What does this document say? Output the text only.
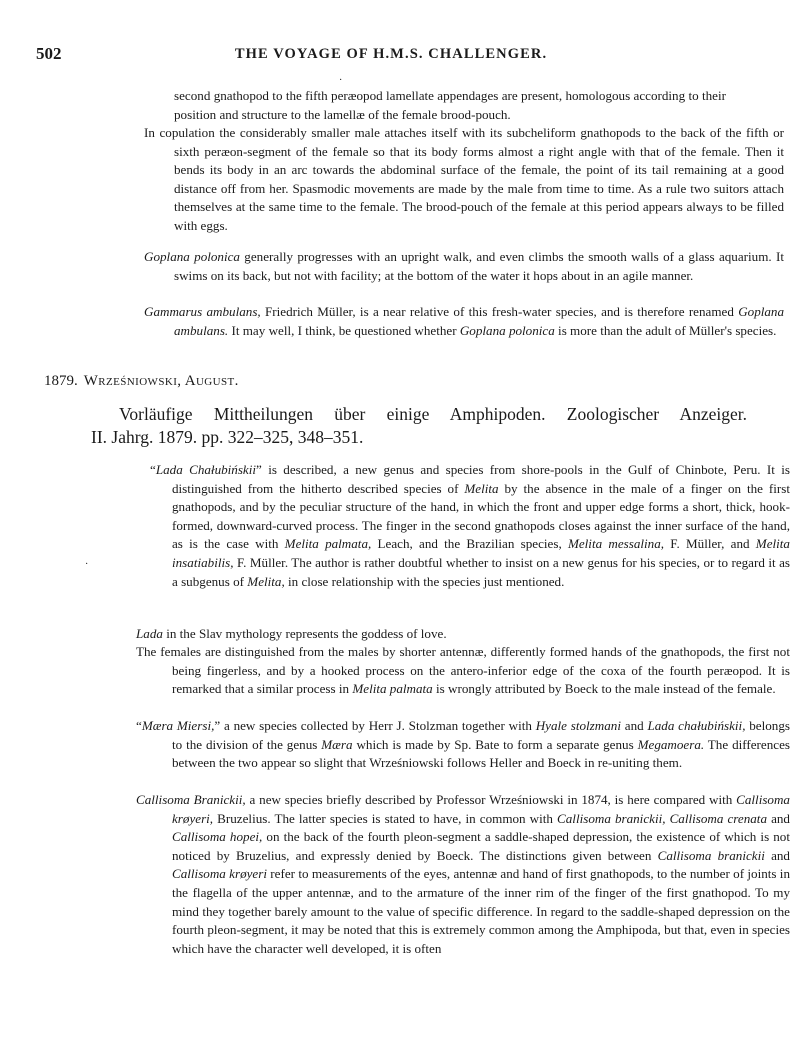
502	THE VOYAGE OF H.M.S. CHALLENGER.
·

second gnathopod to the fifth peræopod lamellate appendages are present, homologous according to their position and structure to the lamellæ of the female brood-pouch.

In copulation the considerably smaller male attaches itself with its subcheliform gnathopods to the back of the fifth or sixth peræon-segment of the female so that its body forms almost a right angle with that of the female. Then it bends its body in an arc towards the abdominal surface of the female, the point of its tail remaining at a good distance off from her. Spasmodic movements are made by the male from time to time. As a rule two suitors attach themselves at the same time to the female. The brood-pouch of the female at this period appears always to be filled with eggs.

Goplana polonica generally progresses with an upright walk, and even climbs the smooth walls of a glass aquarium. It swims on its back, but not with facility; at the bottom of the water it hops about in an agile manner.

Gammarus ambulans, Friedrich Müller, is a near relative of this fresh-water species, and is therefore renamed Goplana ambulans. It may well, I think, be questioned whether Goplana polonica is more than the adult of Müller's species.

1879. Wrześniowski, August.
Vorläufige Mittheilungen über einige Amphipoden. Zoologischer Anzeiger.
II. Jahrg. 1879. pp. 322–325, 348–351.

“Lada Chałubińskii” is described, a new genus and species from shore-pools in the Gulf of Chinbote, Peru. It is distinguished from the hitherto described species of Melita by the absence in the male of a finger on the first gnathopods, and by the peculiar structure of the hand, in which the front and upper edge forms a short, thick, hook-formed, downward-curved process. The finger in the second gnathopods closes against the inner surface of the hand, as is the case with Melita palmata, Leach, and the Brazilian species, Melita messalina, F. Müller, and Melita insatiabilis, F. Müller. The author is rather doubtful whether to insist on a new genus for his species, or to regard it as a subgenus of Melita, in close relationship with the species just mentioned.

·

Lada in the Slav mythology represents the goddess of love.

The females are distinguished from the males by shorter antennæ, differently formed hands of the gnathopods, the first not being fingerless, and by a hooked process on the antero-inferior edge of the coxa of the fourth peræopod. It is remarked that a similar process in Melita palmata is wrongly attributed by Boeck to the male instead of the female.

“Mæra Miersi,” a new species collected by Herr J. Stolzman together with Hyale stolzmani and Lada chałubińskii, belongs to the division of the genus Mæra which is made by Sp. Bate to form a separate genus Megamoera. The differences between the two appear so slight that Wrześniowski follows Heller and Boeck in re-uniting them.

Callisoma Branickii, a new species briefly described by Professor Wrześniowski in 1874, is here compared with Callisoma krøyeri, Bruzelius. The latter species is stated to have, in common with Callisoma branickii, Callisoma crenata and Callisoma hopei, on the back of the fourth pleon-segment a saddle-shaped depression, the existence of which is not noticed by Bruzelius, and expressly denied by Boeck. The distinctions given between Callisoma branickii and Callisoma krøyeri refer to measurements of the eyes, antennæ and hand of first gnathopods, to the number of joints in the flagella of the upper antennæ, and to the armature of the inner rim of the finger of the first gnathopod. To my mind they together barely amount to the value of specific difference. In regard to the saddle-shaped depression on the fourth pleon-segment, it may be noted that this is extremely common among the Amphipoda, but that, even in species which have the character well developed, it is often
